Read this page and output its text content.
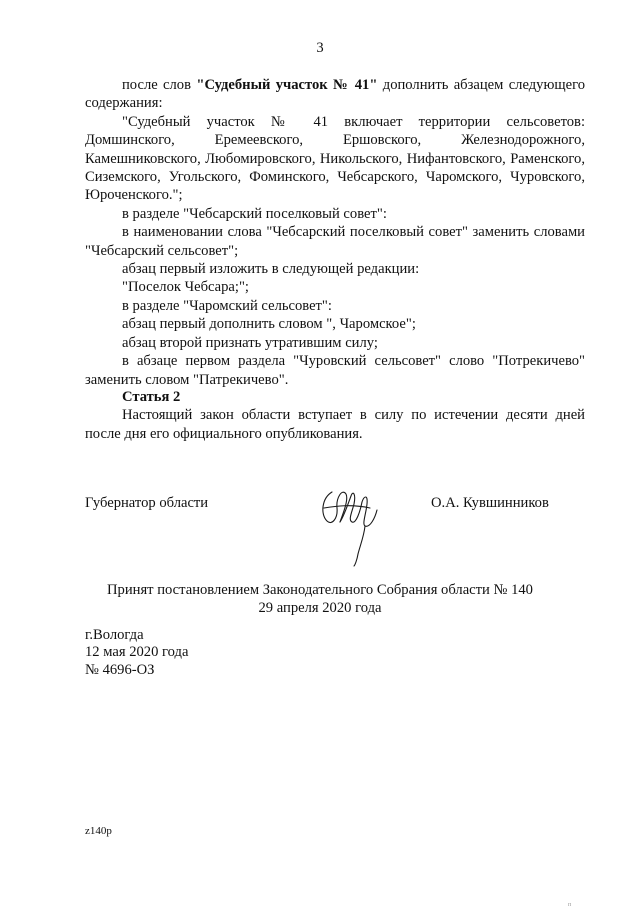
3

после слов "Судебный участок № 41" дополнить абзацем следующего содержания:

"Судебный участок № 41 включает территории сельсоветов: Домшинского, Еремеевского, Ершовского, Железнодорожного, Камешниковского, Любомировского, Никольского, Нифантовского, Раменского, Сиземского, Угольского, Фоминского, Чебсарского, Чаромского, Чуровского, Юроченского.";

в разделе "Чебсарский поселковый совет":

в наименовании слова "Чебсарский поселковый совет" заменить словами "Чебсарский сельсовет";

абзац первый изложить в следующей редакции:

"Поселок Чебсара;";

в разделе "Чаромский сельсовет":

абзац первый дополнить словом ", Чаромское";

абзац второй признать утратившим силу;

в абзаце первом раздела "Чуровский сельсовет" слово "Потрекичево" заменить словом "Патрекичево".

Статья 2

Настоящий закон области вступает в силу по истечении десяти дней после дня его официального опубликования.

Губернатор области	О.А. Кувшинников
Принят постановлением Законодательного Собрания области № 140
29 апреля 2020 года
г.Вологда
12 мая 2020 года
№ 4696-ОЗ
z140р
п
